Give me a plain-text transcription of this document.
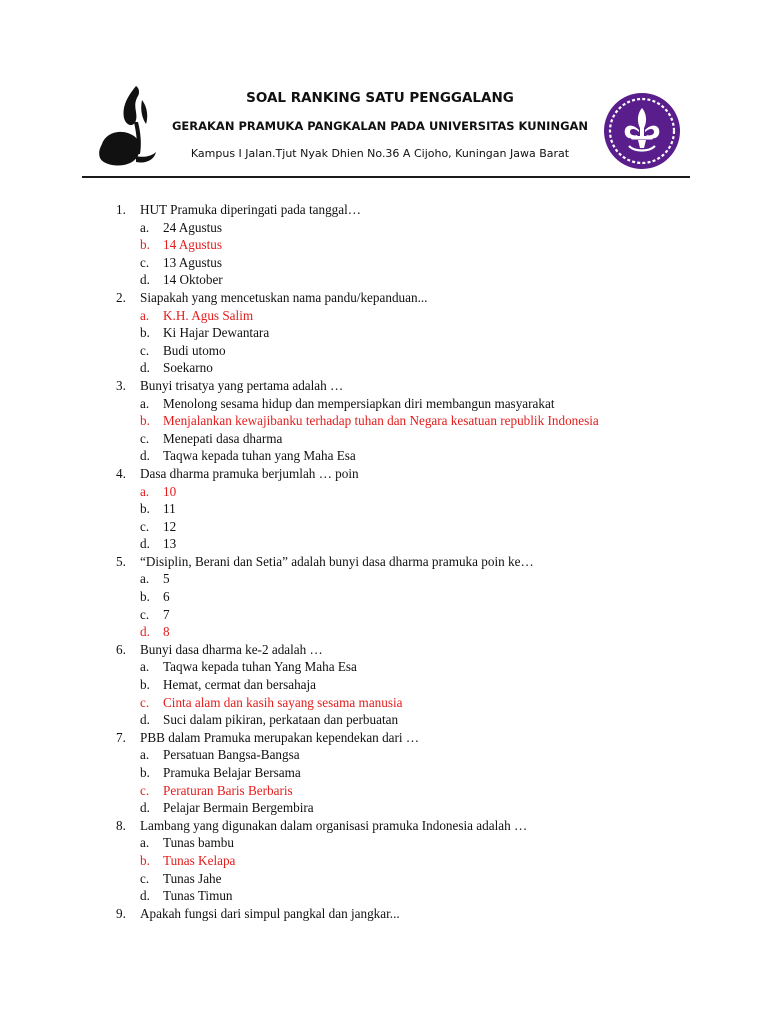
SOAL RANKING SATU PENGGALANG
GERAKAN PRAMUKA PANGKALAN PADA UNIVERSITAS KUNINGAN
Kampus I Jalan.Tjut Nyak Dhien No.36 A Cijoho, Kuningan Jawa Barat
1. HUT Pramuka diperingati pada tanggal…
a. 24 Agustus
b. 14 Agustus
c. 13 Agustus
d. 14 Oktober
2. Siapakah yang mencetuskan nama pandu/kepanduan...
a. K.H. Agus Salim
b. Ki Hajar Dewantara
c. Budi utomo
d. Soekarno
3. Bunyi trisatya yang pertama adalah …
a. Menolong sesama hidup dan mempersiapkan diri membangun masyarakat
b. Menjalankan kewajibanku terhadap tuhan dan Negara kesatuan republik Indonesia
c. Menepati dasa dharma
d. Taqwa kepada tuhan yang Maha Esa
4. Dasa dharma pramuka berjumlah … poin
a. 10
b. 11
c. 12
d. 13
5. “Disiplin, Berani dan Setia” adalah bunyi dasa dharma pramuka poin ke…
a. 5
b. 6
c. 7
d. 8
6. Bunyi dasa dharma ke-2 adalah …
a. Taqwa kepada tuhan Yang Maha Esa
b. Hemat, cermat dan bersahaja
c. Cinta alam dan kasih sayang sesama manusia
d. Suci dalam pikiran, perkataan dan perbuatan
7. PBB dalam Pramuka merupakan kependekan dari …
a. Persatuan Bangsa-Bangsa
b. Pramuka Belajar Bersama
c. Peraturan Baris Berbaris
d. Pelajar Bermain Bergembira
8. Lambang yang digunakan dalam organisasi pramuka Indonesia adalah …
a. Tunas bambu
b. Tunas Kelapa
c. Tunas Jahe
d. Tunas Timun
9. Apakah fungsi dari simpul pangkal dan jangkar...
